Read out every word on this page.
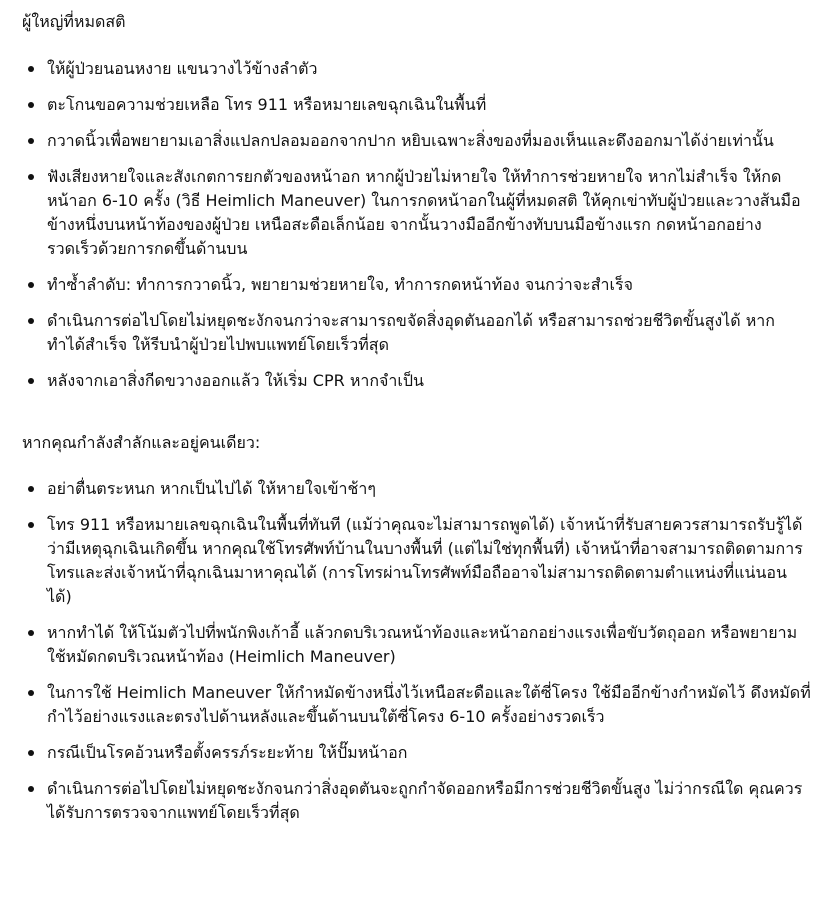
ผู้ใหญ่ที่หมดสติ
ให้ผู้ป่วยนอนหงาย แขนวางไว้ข้างลำตัว
ตะโกนขอความช่วยเหลือ โทร 911 หรือหมายเลขฉุกเฉินในพื้นที่
กวาดนิ้วเพื่อพยายามเอาสิ่งแปลกปลอมออกจากปาก หยิบเฉพาะสิ่งของที่มองเห็นและดึงออกมาได้ง่ายเท่านั้น
ฟังเสียงหายใจและสังเกตการยกตัวของหน้าอก หากผู้ป่วยไม่หายใจ ให้ทำการช่วยหายใจ หากไม่สำเร็จ ให้กดหน้าอก 6-10 ครั้ง (วิธี Heimlich Maneuver) ในการกดหน้าอกในผู้ที่หมดสติ ให้คุกเข่าทับผู้ป่วยและวางส้นมือข้างหนึ่งบนหน้าท้องของผู้ป่วย เหนือสะดือเล็กน้อย จากนั้นวางมืออีกข้างทับบนมือข้างแรก กดหน้าอกอย่างรวดเร็วด้วยการกดขึ้นด้านบน
ทำซ้ำลำดับ: ทำการกวาดนิ้ว, พยายามช่วยหายใจ, ทำการกดหน้าท้อง จนกว่าจะสำเร็จ
ดำเนินการต่อไปโดยไม่หยุดชะงักจนกว่าจะสามารถขจัดสิ่งอุดตันออกได้ หรือสามารถช่วยชีวิตขั้นสูงได้ หากทำได้สำเร็จ ให้รีบนำผู้ป่วยไปพบแพทย์โดยเร็วที่สุด
หลังจากเอาสิ่งกีดขวางออกแล้ว ให้เริ่ม CPR หากจำเป็น
หากคุณกำลังสำลักและอยู่คนเดียว:
อย่าตื่นตระหนก หากเป็นไปได้ ให้หายใจเข้าช้าๆ
โทร 911 หรือหมายเลขฉุกเฉินในพื้นที่ทันที (แม้ว่าคุณจะไม่สามารถพูดได้) เจ้าหน้าที่รับสายควรสามารถรับรู้ได้ว่ามีเหตุฉุกเฉินเกิดขึ้น หากคุณใช้โทรศัพท์บ้านในบางพื้นที่ (แต่ไม่ใช่ทุกพื้นที่) เจ้าหน้าที่อาจสามารถติดตามการโทรและส่งเจ้าหน้าที่ฉุกเฉินมาหาคุณได้ (การโทรผ่านโทรศัพท์มือถืออาจไม่สามารถติดตามตำแหน่งที่แน่นอนได้)
หากทำได้ ให้โน้มตัวไปที่พนักพิงเก้าอี้ แล้วกดบริเวณหน้าท้องและหน้าอกอย่างแรงเพื่อขับวัตถุออก หรือพยายามใช้หมัดกดบริเวณหน้าท้อง (Heimlich Maneuver)
ในการใช้ Heimlich Maneuver ให้กำหมัดข้างหนึ่งไว้เหนือสะดือและใต้ซี่โครง ใช้มืออีกข้างกำหมัดไว้ ดึงหมัดที่กำไว้อย่างแรงและตรงไปด้านหลังและขึ้นด้านบนใต้ซี่โครง 6-10 ครั้งอย่างรวดเร็ว
กรณีเป็นโรคอ้วนหรือตั้งครรภ์ระยะท้าย ให้ปั๊มหน้าอก
ดำเนินการต่อไปโดยไม่หยุดชะงักจนกว่าสิ่งอุดตันจะถูกกำจัดออกหรือมีการช่วยชีวิตขั้นสูง ไม่ว่ากรณีใด คุณควรได้รับการตรวจจากแพทย์โดยเร็วที่สุด
